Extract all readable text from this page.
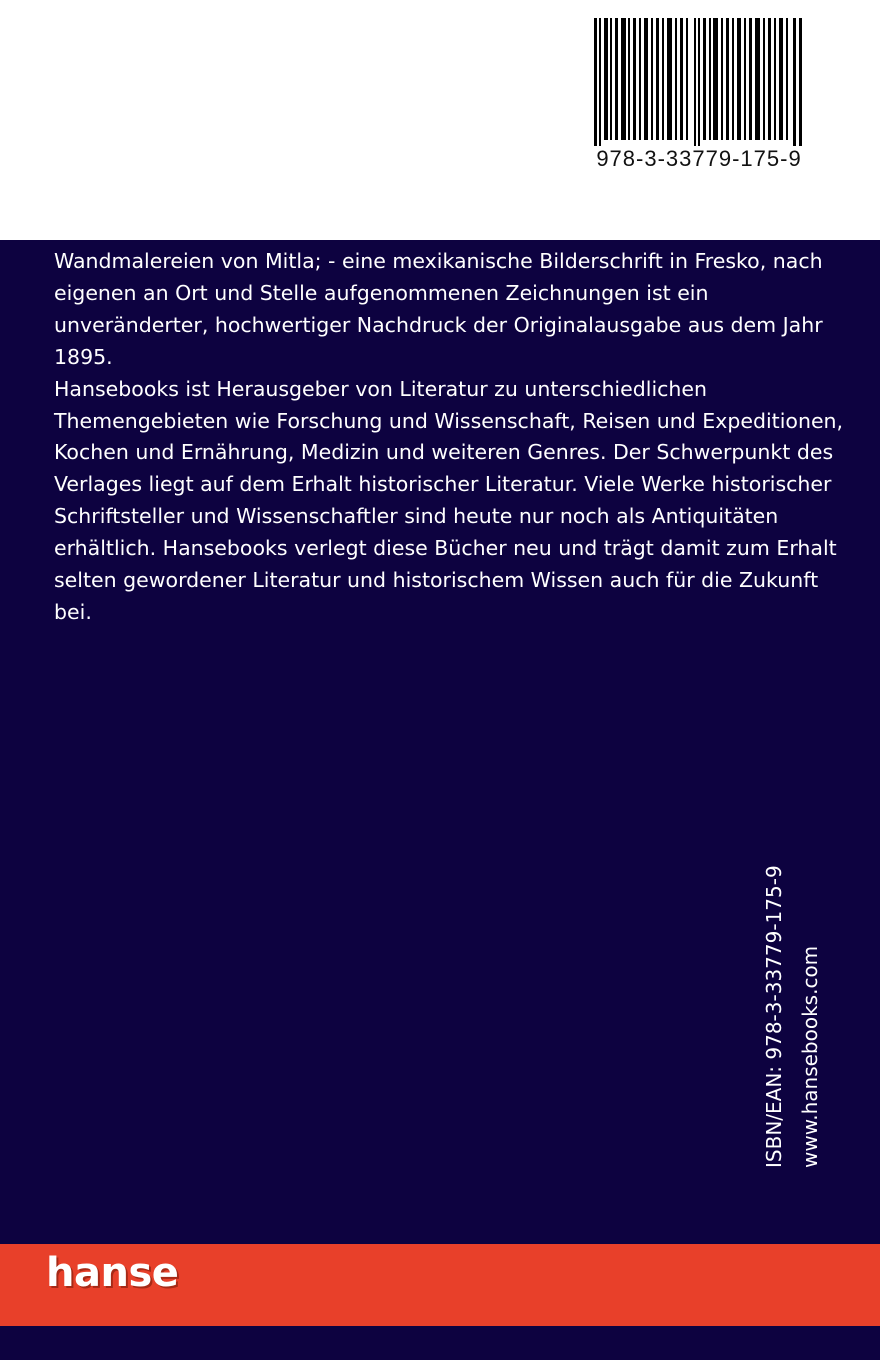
978-3-33779-175-9

Wandmalereien von Mitla; - eine mexikanische Bilderschrift in Fresko, nach eigenen an Ort und Stelle aufgenommenen Zeichnungen ist ein unveränderter, hochwertiger Nachdruck der Originalausgabe aus dem Jahr 1895.

Hansebooks ist Herausgeber von Literatur zu unterschiedlichen Themengebieten wie Forschung und Wissenschaft, Reisen und Expeditionen, Kochen und Ernährung, Medizin und weiteren Genres. Der Schwerpunkt des Verlages liegt auf dem Erhalt historischer Literatur. Viele Werke historischer Schriftsteller und Wissenschaftler sind heute nur noch als Antiquitäten erhältlich. Hansebooks verlegt diese Bücher neu und trägt damit zum Erhalt selten gewordener Literatur und historischem Wissen auch für die Zukunft bei.

ISBN/EAN: 978-3-33779-175-9 www.hansebooks.com
hanse
